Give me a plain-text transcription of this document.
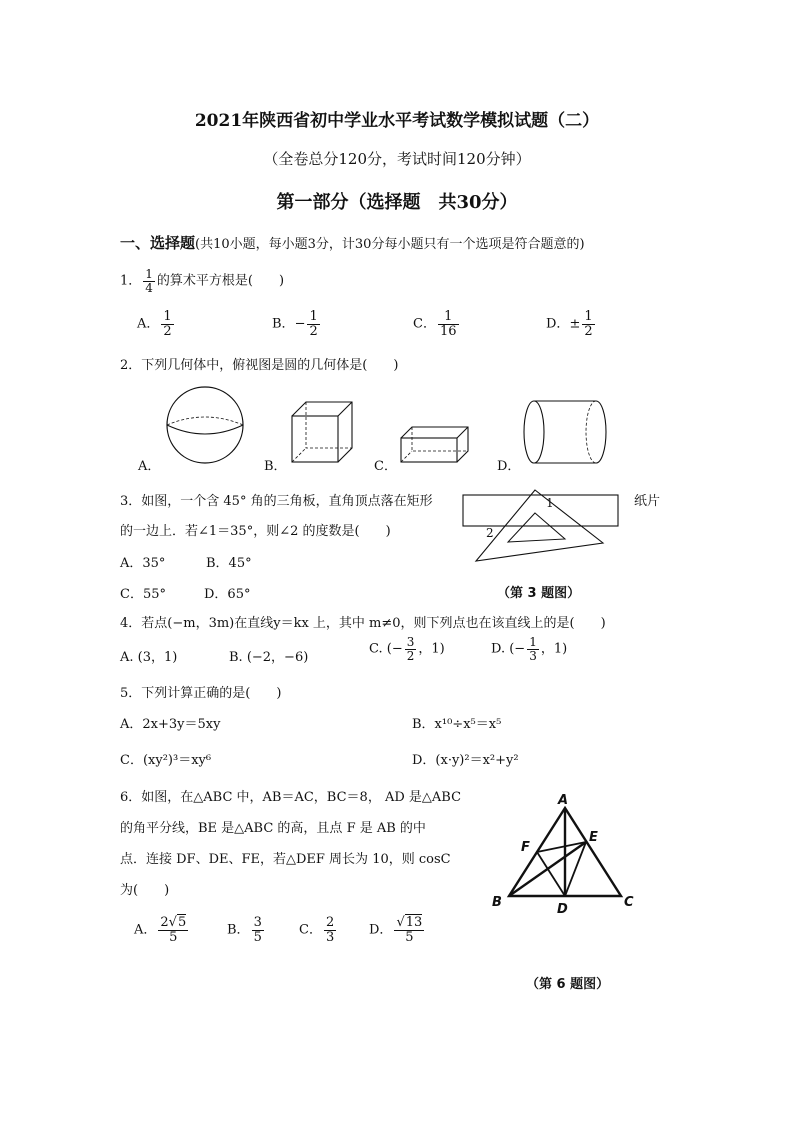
2021年陕西省初中学业水平考试数学模拟试题（二）
（全卷总分120分，考试时间120分钟）
第一部分（选择题　共30分）
一、选择题(共10小题，每小题3分，计30分每小题只有一个选项是符合题意的)
1． $\frac{1}{4}$ 的算术平方根是(　　)
A． $\frac{1}{2}$	B．− $\frac{1}{2}$	C． $\frac{1}{16}$	D．± $\frac{1}{2}$
2．下列几何体中，俯视图是圆的几何体是(　　)
A．	B．	C．	D．
3．如图，一个含 45° 角的三角板，直角顶点落在矩形	纸片
的一边上．若∠1＝35°，则∠2 的度数是(　　)
A．35°	B．45°
C．55°	D．65°
1
2
（第 3 题图）
4．若点(−m，3m)在直线y＝kx 上，其中 m≠0，则下列点也在该直线上的是(　　)
A. (3，1)	B. (−2，−6)
C. (− $\frac{3}{2}$ ，1)	D. (− $\frac{1}{3}$ ，1)
5．下列计算正确的是(　　)
A．2x+3y＝5xy	B．x¹⁰÷x⁵＝x⁵
C．(xy²)³＝xy⁶	D．(x·y)²＝x²+y²
6．如图，在△ABC 中，AB＝AC，BC＝8， AD 是△ABC
的角平分线，BE 是△ABC 的高，且点 F 是 AB 的中
点．连接 DF、DE、FE，若△DEF 周长为 10，则 cosC
为(　　)
A． $\frac{2√5}{5}$	B． $\frac{3}{5}$	C． $\frac{2}{3}$	D． $\frac{√13}{5}$
A
B	C
D
E
F
（第 6 题图）
